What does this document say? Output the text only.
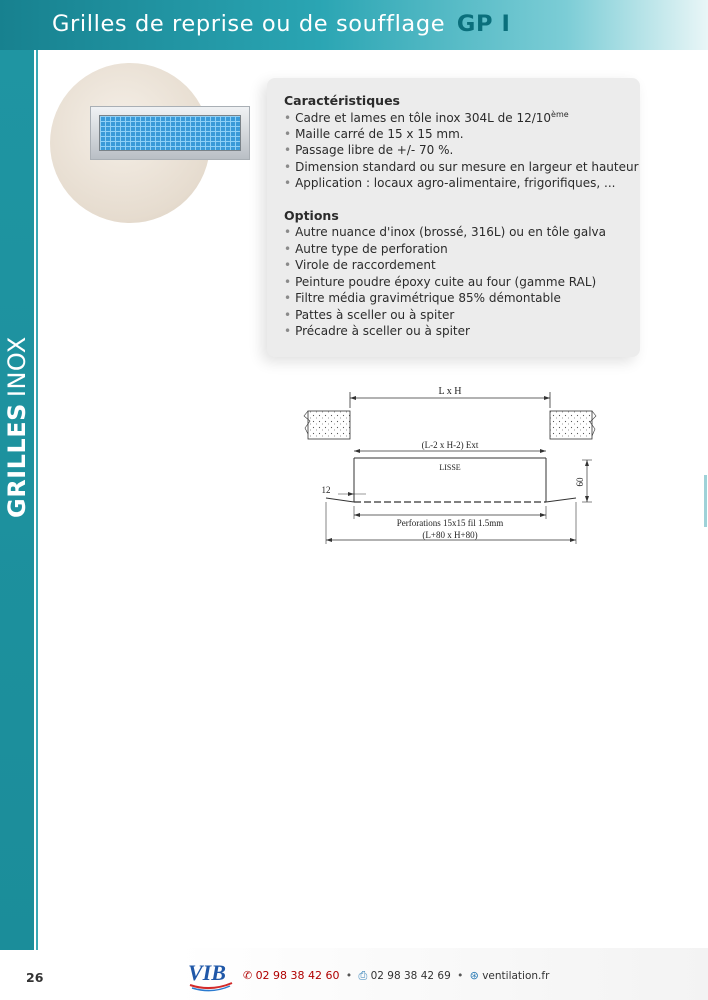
Grilles de reprise ou de soufflage GP I
GRILLESINOX
Caractéristiques
• Cadre et lames en tôle inox 304L de 12/10ème
• Maille carré de 15 x 15 mm.
• Passage libre de +/- 70 %.
• Dimension standard ou sur mesure en largeur et hauteur
• Application : locaux agro-alimentaire, frigorifiques, ...
Options
• Autre nuance d'inox (brossé, 316L) ou en tôle galva
• Autre type de perforation
• Virole de raccordement
• Peinture poudre époxy cuite au four (gamme RAL)
• Filtre média gravimétrique 85% démontable
• Pattes à sceller ou à spiter
• Précadre à sceller ou à spiter
L x H
(L-2 x H-2) Ext
LISSE
12
60
Perforations 15x15 fil 1.5mm
(L+80 x H+80)
26	VIB ✆ 02 98 38 42 60 • ⎙ 02 98 38 42 69 • ⊛ ventilation.fr
